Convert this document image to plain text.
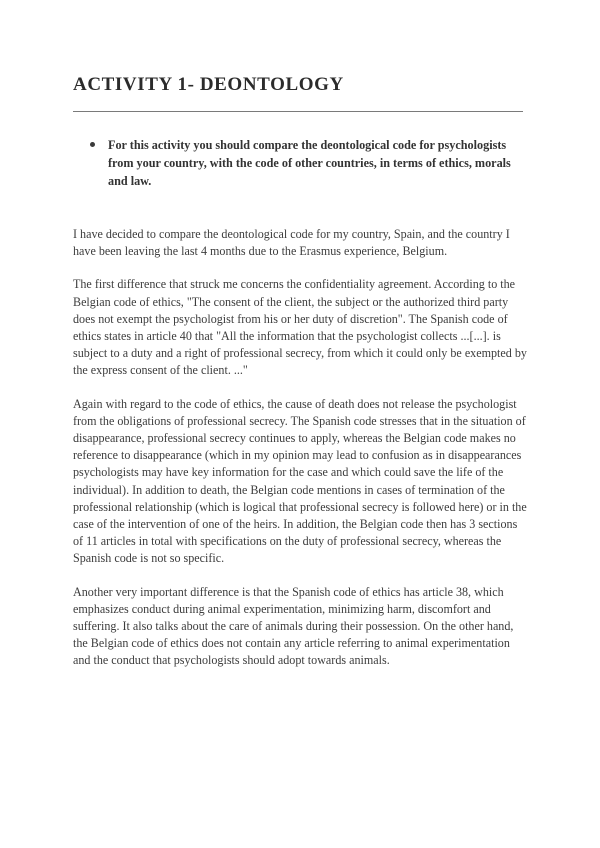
ACTIVITY 1- DEONTOLOGY

For this activity you should compare the deontological code for psychologists from your country, with the code of other countries, in terms of ethics, morals and law.

I have decided to compare the deontological code for my country, Spain, and the country I have been leaving the last 4 months due to the Erasmus experience, Belgium.

The first difference that struck me concerns the confidentiality agreement. According to the Belgian code of ethics, "The consent of the client, the subject or the authorized third party does not exempt the psychologist from his or her duty of discretion". The Spanish code of ethics states in article 40 that "All the information that the psychologist collects ...[...]. is subject to a duty and a right of professional secrecy, from which it could only be exempted by the express consent of the client. ..."

Again with regard to the code of ethics, the cause of death does not release the psychologist from the obligations of professional secrecy. The Spanish code stresses that in the situation of disappearance, professional secrecy continues to apply, whereas the Belgian code makes no reference to disappearance (which in my opinion may lead to confusion as in disappearances psychologists may have key information for the case and which could save the life of the individual). In addition to death, the Belgian code mentions in cases of termination of the professional relationship (which is logical that professional secrecy is followed here) or in the case of the intervention of one of the heirs. In addition, the Belgian code then has 3 sections of 11 articles in total with specifications on the duty of professional secrecy, whereas the Spanish code is not so specific.

Another very important difference is that the Spanish code of ethics has article 38, which emphasizes conduct during animal experimentation, minimizing harm, discomfort and suffering. It also talks about the care of animals during their possession. On the other hand, the Belgian code of ethics does not contain any article referring to animal experimentation and the conduct that psychologists should adopt towards animals.
